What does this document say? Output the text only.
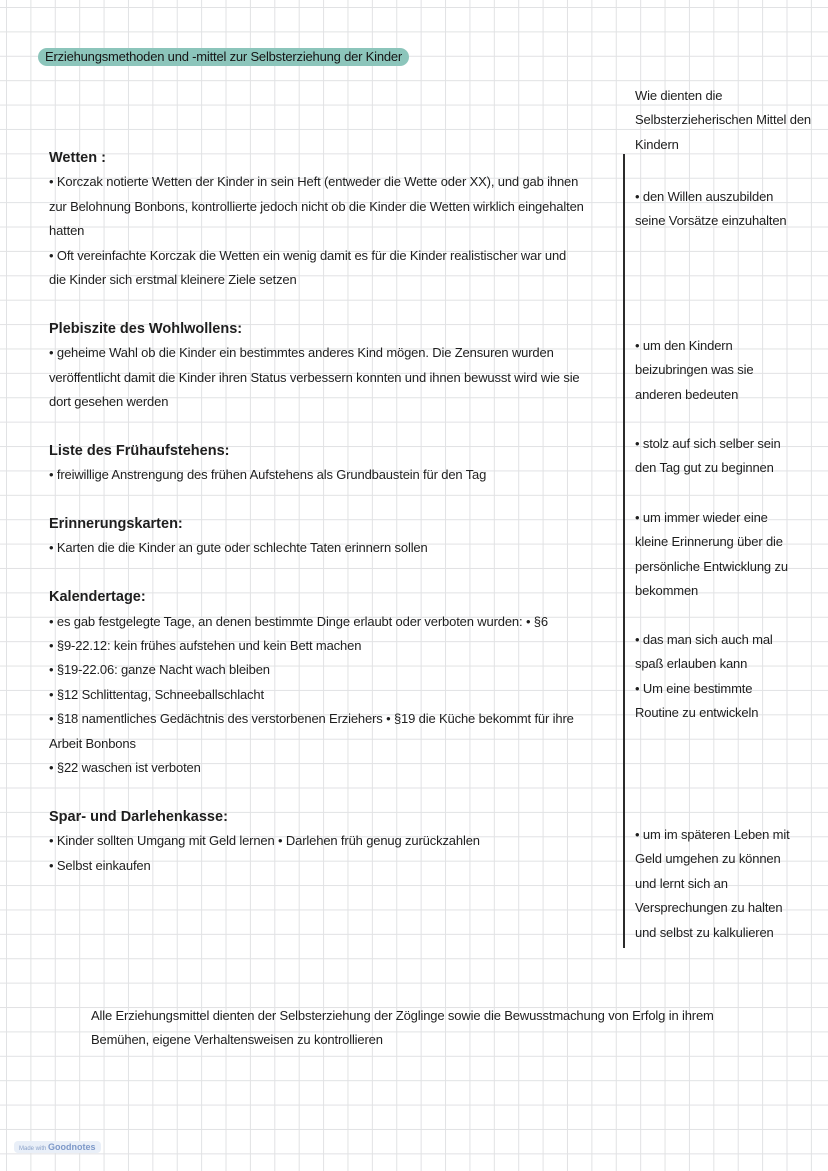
Erziehungsmethoden und -mittel zur Selbsterziehung der Kinder
Wetten :
• Korczak notierte Wetten der Kinder in sein Heft (entweder die Wette oder XX), und gab ihnen
zur Belohnung Bonbons, kontrollierte jedoch nicht ob die Kinder die Wetten wirklich eingehalten
hatten
• Oft vereinfachte Korczak die Wetten ein wenig damit es für die Kinder realistischer war und
die Kinder sich erstmal kleinere Ziele setzen
Plebiszite des Wohlwollens:
• geheime Wahl ob die Kinder ein bestimmtes anderes Kind mögen. Die Zensuren wurden
veröffentlicht damit die Kinder ihren Status verbessern konnten und ihnen bewusst wird wie sie
dort gesehen werden
Liste des Frühaufstehens:
• freiwillige Anstrengung des frühen Aufstehens als Grundbaustein für den Tag
Erinnerungskarten:
• Karten die die Kinder an gute oder schlechte Taten erinnern sollen
Kalendertage:
• es gab festgelegte Tage, an denen bestimmte Dinge erlaubt oder verboten wurden: • §6
• §9-22.12: kein frühes aufstehen und kein Bett machen
• §19-22.06: ganze Nacht wach bleiben
• §12 Schlittentag, Schneeballschlacht
• §18 namentliches Gedächtnis des verstorbenen Erziehers • §19 die Küche bekommt für ihre
Arbeit Bonbons
• §22 waschen ist verboten
Spar- und Darlehenkasse:
• Kinder sollten Umgang mit Geld lernen • Darlehen früh genug zurückzahlen
• Selbst einkaufen
Wie dienten die Selbsterzieherischen Mittel den Kindern
• den Willen auszubilden
seine Vorsätze einzuhalten
• um den Kindern
beizubringen was sie
anderen bedeuten
• stolz auf sich selber sein
den Tag gut zu beginnen
• um immer wieder eine
kleine Erinnerung über die
persönliche Entwicklung zu
bekommen
• das man sich auch mal
spaß erlauben kann
• Um eine bestimmte
Routine zu entwickeln
• um im späteren Leben mit
Geld umgehen zu können
und lernt sich an
Versprechungen zu halten
und selbst zu kalkulieren
Alle Erziehungsmittel dienten der Selbsterziehung der Zöglinge sowie die Bewusstmachung von Erfolg in ihrem
Bemühen, eigene Verhaltensweisen zu kontrollieren
Made with Goodnotes
